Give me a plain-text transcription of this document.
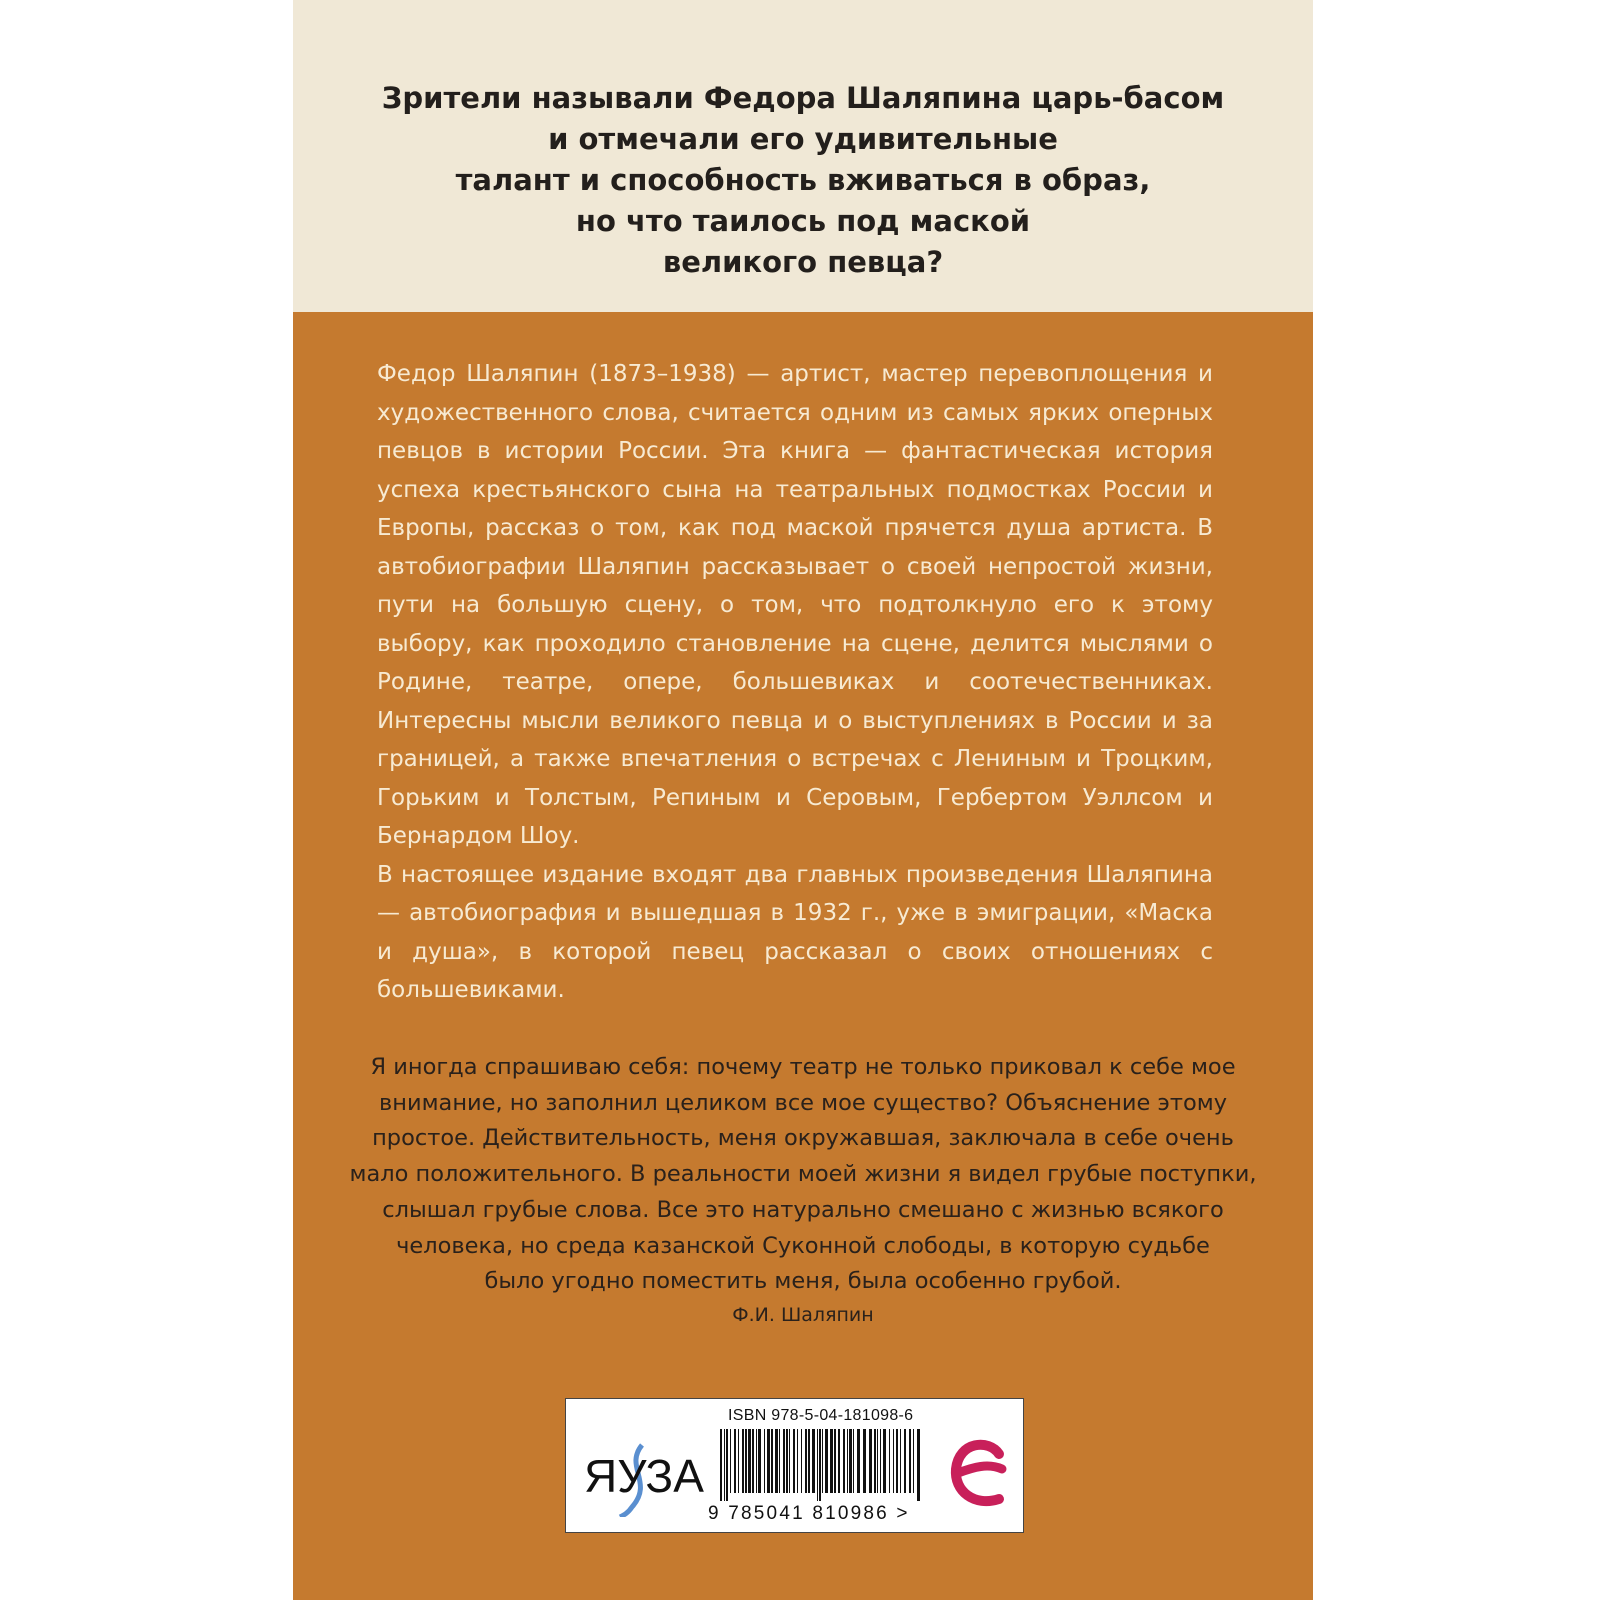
Зрители называли Федора Шаляпина царь-басом
и отмечали его удивительные
талант и способность вживаться в образ,
но что таилось под маской
великого певца?

Федор Шаляпин (1873–1938) — артист, мастер перевоплощения и художественного слова, считается одним из самых ярких оперных певцов в истории России. Эта книга — фантастическая история успеха крестьянского сына на театральных подмостках России и Европы, рассказ о том, как под маской прячется душа артиста. В автобиографии Шаляпин рассказывает о своей непростой жизни, пути на большую сцену, о том, что подтолкнуло его к этому выбору, как проходило становление на сцене, делится мыслями о Родине, театре, опере, большевиках и соотечественниках. Интересны мысли великого певца и о выступлениях в России и за границей, а также впечатления о встречах с Лениным и Троцким, Горьким и Толстым, Репиным и Серовым, Гербертом Уэллсом и Бернардом Шоу.

В настоящее издание входят два главных произведения Шаляпина — автобиография и вышедшая в 1932 г., уже в эмиграции, «Маска и душа», в которой певец рассказал о своих отношениях с большевиками.

Я иногда спрашиваю себя: почему театр не только приковал к себе мое
внимание, но заполнил целиком все мое существо? Объяснение этому
простое. Действительность, меня окружавшая, заключала в себе очень
мало положительного. В реальности моей жизни я видел грубые поступки,
слышал грубые слова. Все это натурально смешано с жизнью всякого
человека, но среда казанской Суконной слободы, в которую судьбе
было угодно поместить меня, была особенно грубой.
Ф.И. Шаляпин
ЯУЗА
ISBN 978-5-04-181098-6
9 785041 810986 >
